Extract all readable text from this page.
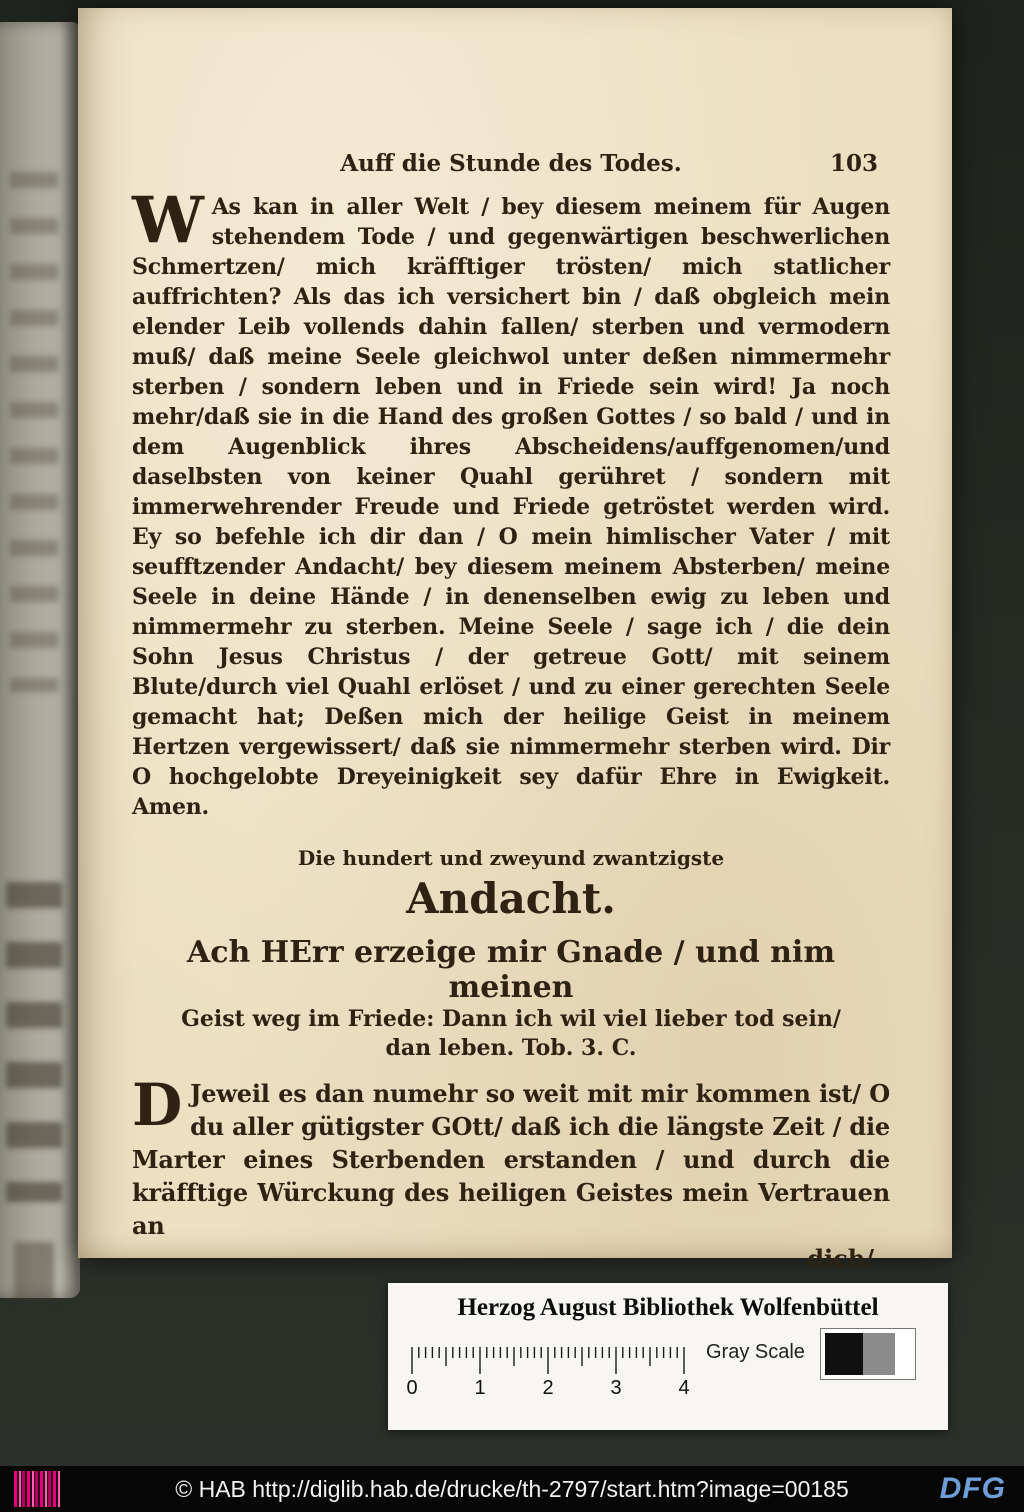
Auff die Stunde des Todes.	103
W As kan in aller Welt / bey diesem meinem für Augen stehendem Tode / und gegenwärtigen beschwerlichen Schmertzen/ mich kräfftiger trösten/ mich statlicher auffrichten? Als das ich versichert bin / daß obgleich mein elender Leib vollends dahin fallen/ sterben und vermodern muß/ daß meine Seele gleichwol unter deßen nimmermehr sterben / sondern leben und in Friede sein wird! Ja noch mehr/daß sie in die Hand des großen Gottes / so bald / und in dem Augenblick ihres Abscheidens/auffgenomen/und daselbsten von keiner Quahl gerühret / sondern mit immerwehrender Freude und Friede getröstet werden wird. Ey so befehle ich dir dan / O mein himlischer Vater / mit seufftzender Andacht/ bey diesem meinem Absterben/ meine Seele in deine Hände / in denenselben ewig zu leben und nimmermehr zu sterben. Meine Seele / sage ich / die dein Sohn Jesus Christus / der getreue Gott/ mit seinem Blute/durch viel Quahl erlöset / und zu einer gerechten Seele gemacht hat; Deßen mich der heilige Geist in meinem Hertzen vergewissert/ daß sie nimmermehr sterben wird. Dir O hochgelobte Dreyeinigkeit sey dafür Ehre in Ewigkeit. Amen.
Die hundert und zweyund zwantzigste
Andacht.
Ach HErr erzeige mir Gnade / und nim meinen
Geist weg im Friede: Dann ich wil viel lieber tod sein/
dan leben. Tob. 3. C.
D Jeweil es dan numehr so weit mit mir kommen ist/ O du aller gütigster GOtt/ daß ich die längste Zeit / die Marter eines Sterbenden erstanden / und durch die kräfftige Würckung des heiligen Geistes mein Vertrauen an
dich/
Herzog August Bibliothek Wolfenbüttel
0	1	2	3	4
Gray Scale
© HAB http://diglib.hab.de/drucke/th-2797/start.htm?image=00185	DFG
